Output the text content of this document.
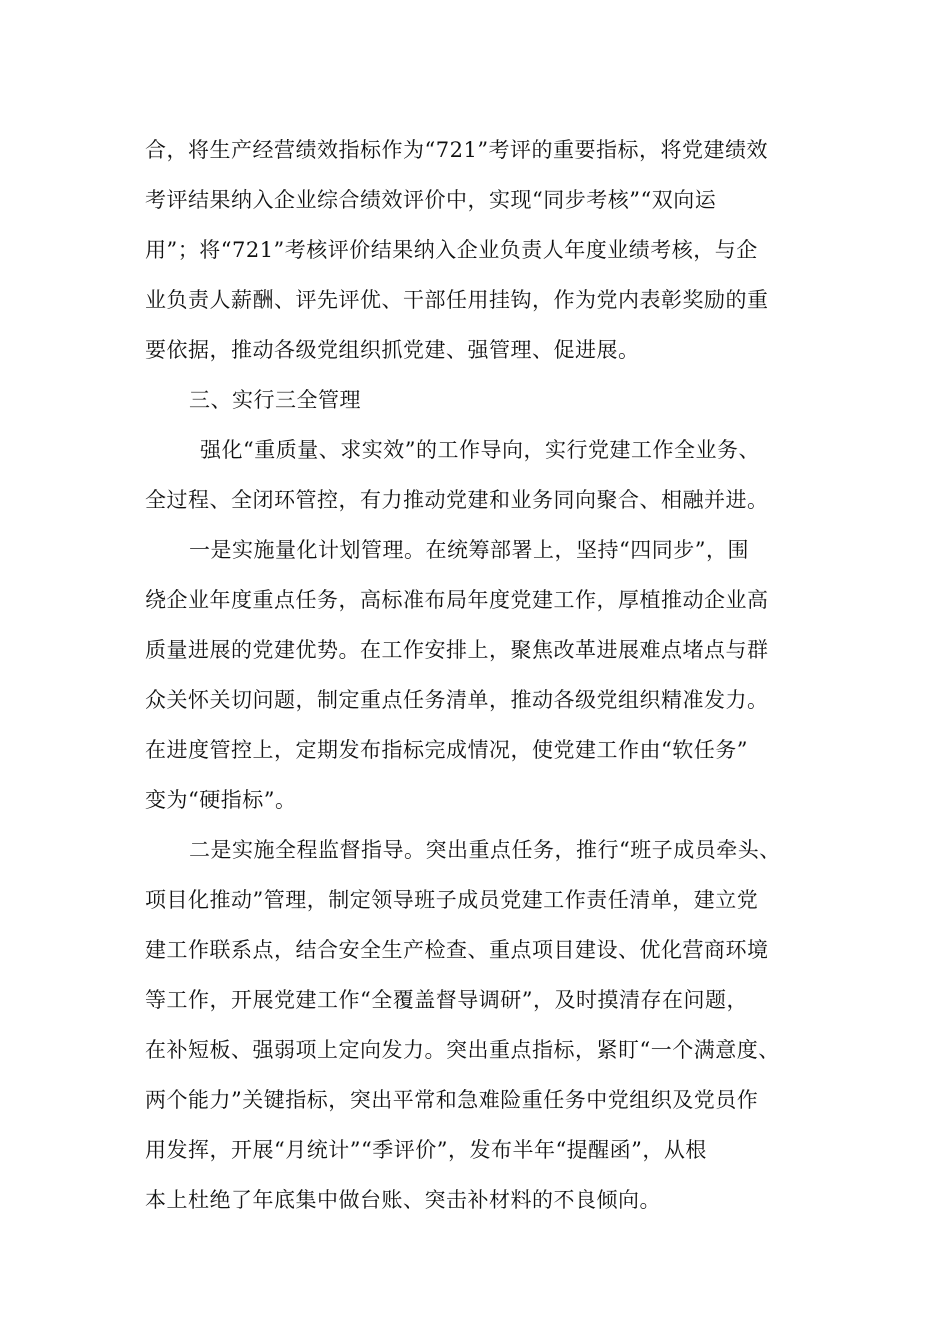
合，将生产经营绩效指标作为“721”考评的重要指标，将党建绩效
考评结果纳入企业综合绩效评价中，实现“同步考核”“双向运
用”；将“721”考核评价结果纳入企业负责人年度业绩考核，与企
业负责人薪酬、评先评优、干部任用挂钩，作为党内表彰奖励的重
要依据，推动各级党组织抓党建、强管理、促进展。
三、实行三全管理
强化“重质量、求实效”的工作导向，实行党建工作全业务、
全过程、全闭环管控，有力推动党建和业务同向聚合、相融并进。
一是实施量化计划管理。在统筹部署上，坚持“四同步”，围
绕企业年度重点任务，高标准布局年度党建工作，厚植推动企业高
质量进展的党建优势。在工作安排上，聚焦改革进展难点堵点与群
众关怀关切问题，制定重点任务清单，推动各级党组织精准发力。
在进度管控上，定期发布指标完成情况，使党建工作由“软任务”
变为“硬指标”。
二是实施全程监督指导。突出重点任务，推行“班子成员牵头、
项目化推动”管理，制定领导班子成员党建工作责任清单，建立党
建工作联系点，结合安全生产检查、重点项目建设、优化营商环境
等工作，开展党建工作“全覆盖督导调研”，及时摸清存在问题，
在补短板、强弱项上定向发力。突出重点指标，紧盯“一个满意度、
两个能力”关键指标，突出平常和急难险重任务中党组织及党员作
用发挥，开展“月统计”“季评价”，发布半年“提醒函”，从根
本上杜绝了年底集中做台账、突击补材料的不良倾向。
